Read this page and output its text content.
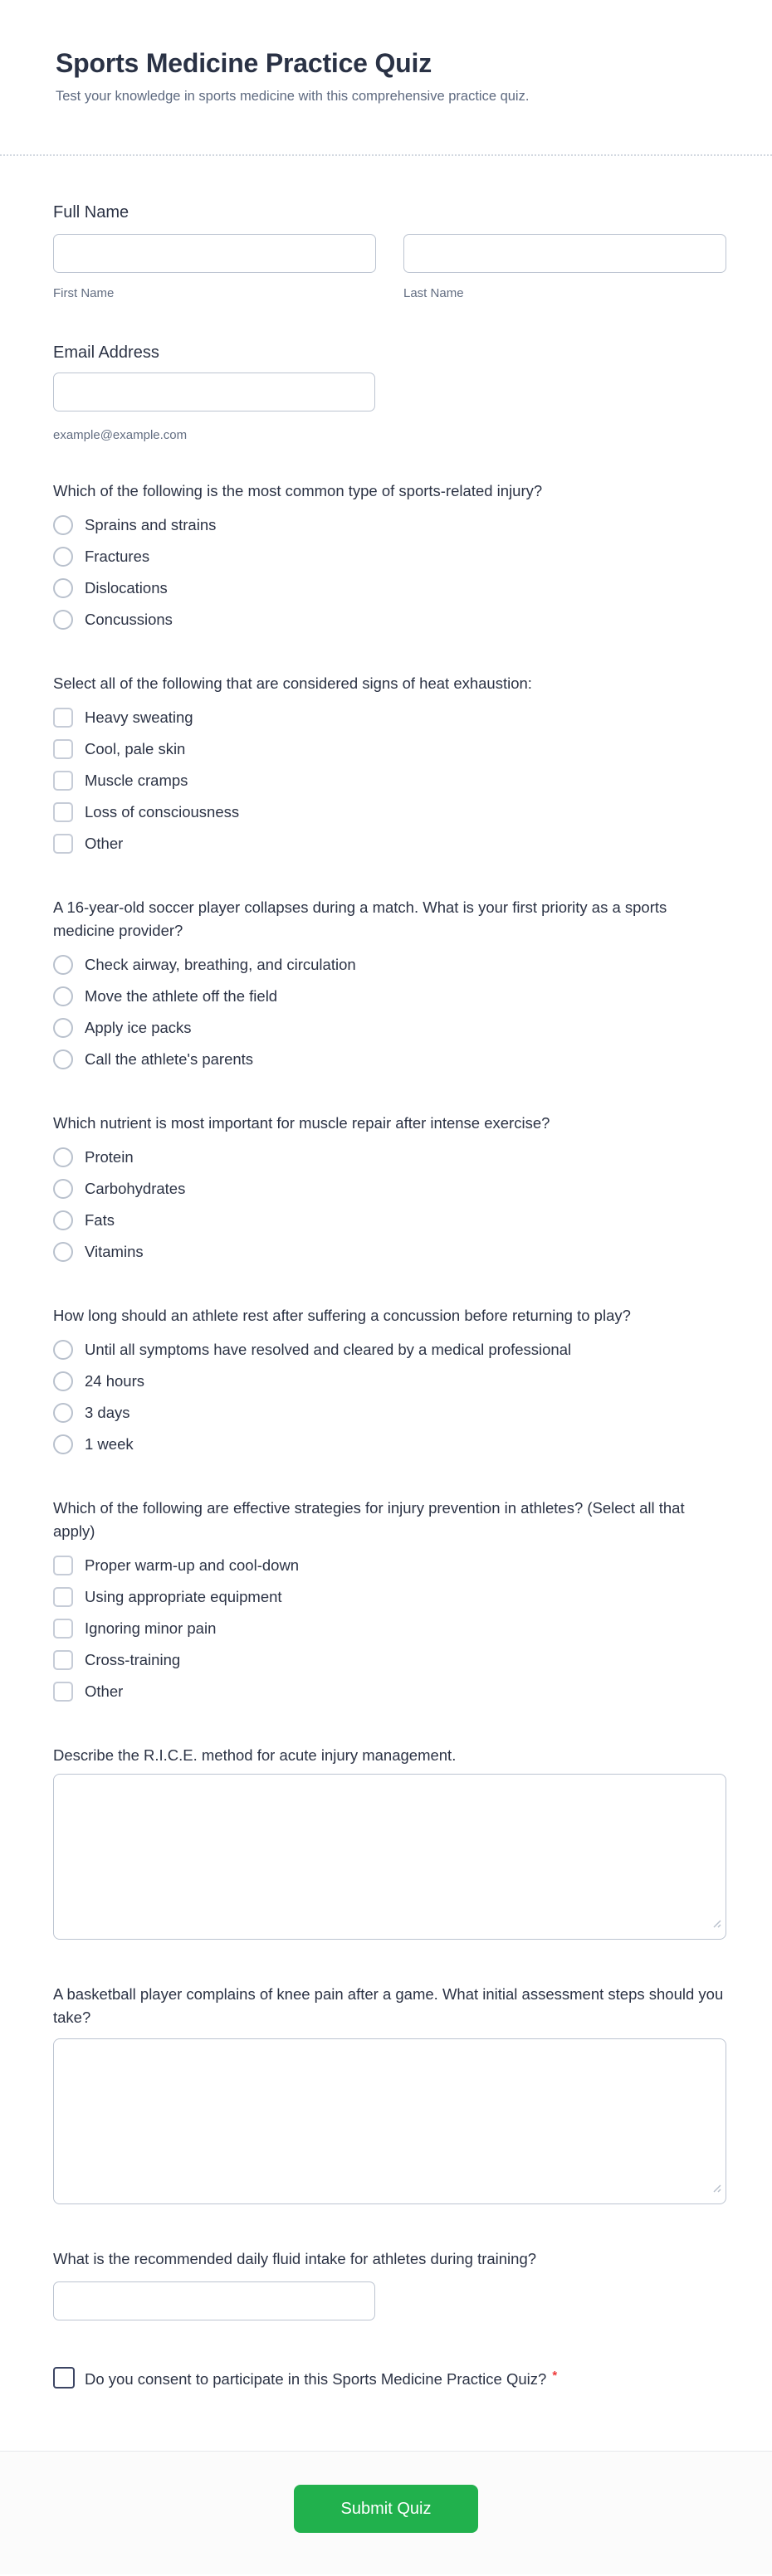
Sports Medicine Practice Quiz
Test your knowledge in sports medicine with this comprehensive practice quiz.
Full Name
First Name	Last Name
Email Address
example@example.com
Which of the following is the most common type of sports-related injury?
Sprains and strains
Fractures
Dislocations
Concussions
Select all of the following that are considered signs of heat exhaustion:
Heavy sweating
Cool, pale skin
Muscle cramps
Loss of consciousness
Other
A 16-year-old soccer player collapses during a match. What is your first priority as a sports medicine provider?
Check airway, breathing, and circulation
Move the athlete off the field
Apply ice packs
Call the athlete's parents
Which nutrient is most important for muscle repair after intense exercise?
Protein
Carbohydrates
Fats
Vitamins
How long should an athlete rest after suffering a concussion before returning to play?
Until all symptoms have resolved and cleared by a medical professional
24 hours
3 days
1 week
Which of the following are effective strategies for injury prevention in athletes? (Select all that apply)
Proper warm-up and cool-down
Using appropriate equipment
Ignoring minor pain
Cross-training
Other
Describe the R.I.C.E. method for acute injury management.
A basketball player complains of knee pain after a game. What initial assessment steps should you take?
What is the recommended daily fluid intake for athletes during training?
Do you consent to participate in this Sports Medicine Practice Quiz? *
Submit Quiz
